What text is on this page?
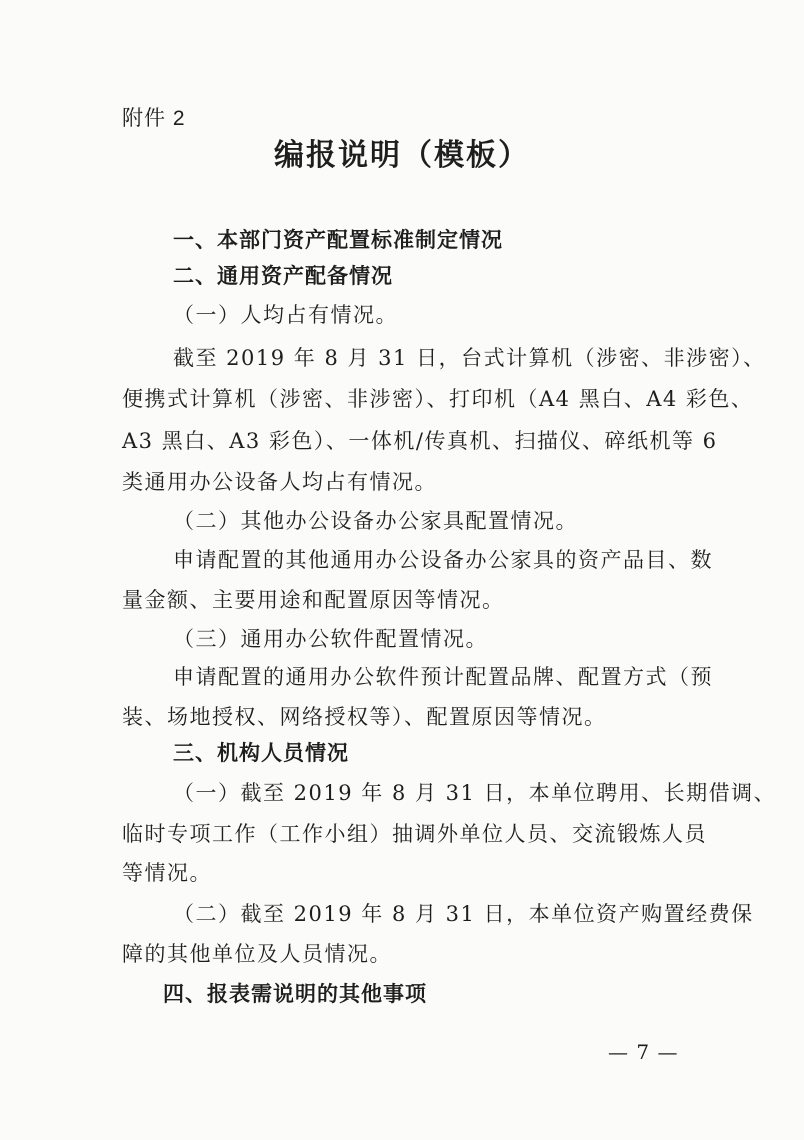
附件 2
编报说明（模板）
一、本部门资产配置标准制定情况
二、通用资产配备情况
（一）人均占有情况。
截至 2019 年 8 月 31 日，台式计算机（涉密、非涉密）、
便携式计算机（涉密、非涉密）、打印机（A4 黑白、A4 彩色、
A3 黑白、A3 彩色）、一体机/传真机、扫描仪、碎纸机等 6
类通用办公设备人均占有情况。
（二）其他办公设备办公家具配置情况。
申请配置的其他通用办公设备办公家具的资产品目、数
量金额、主要用途和配置原因等情况。
（三）通用办公软件配置情况。
申请配置的通用办公软件预计配置品牌、配置方式（预
装、场地授权、网络授权等）、配置原因等情况。
三、机构人员情况
（一）截至 2019 年 8 月 31 日，本单位聘用、长期借调、
临时专项工作（工作小组）抽调外单位人员、交流锻炼人员
等情况。
（二）截至 2019 年 8 月 31 日，本单位资产购置经费保
障的其他单位及人员情况。
四、报表需说明的其他事项
— 7 —
